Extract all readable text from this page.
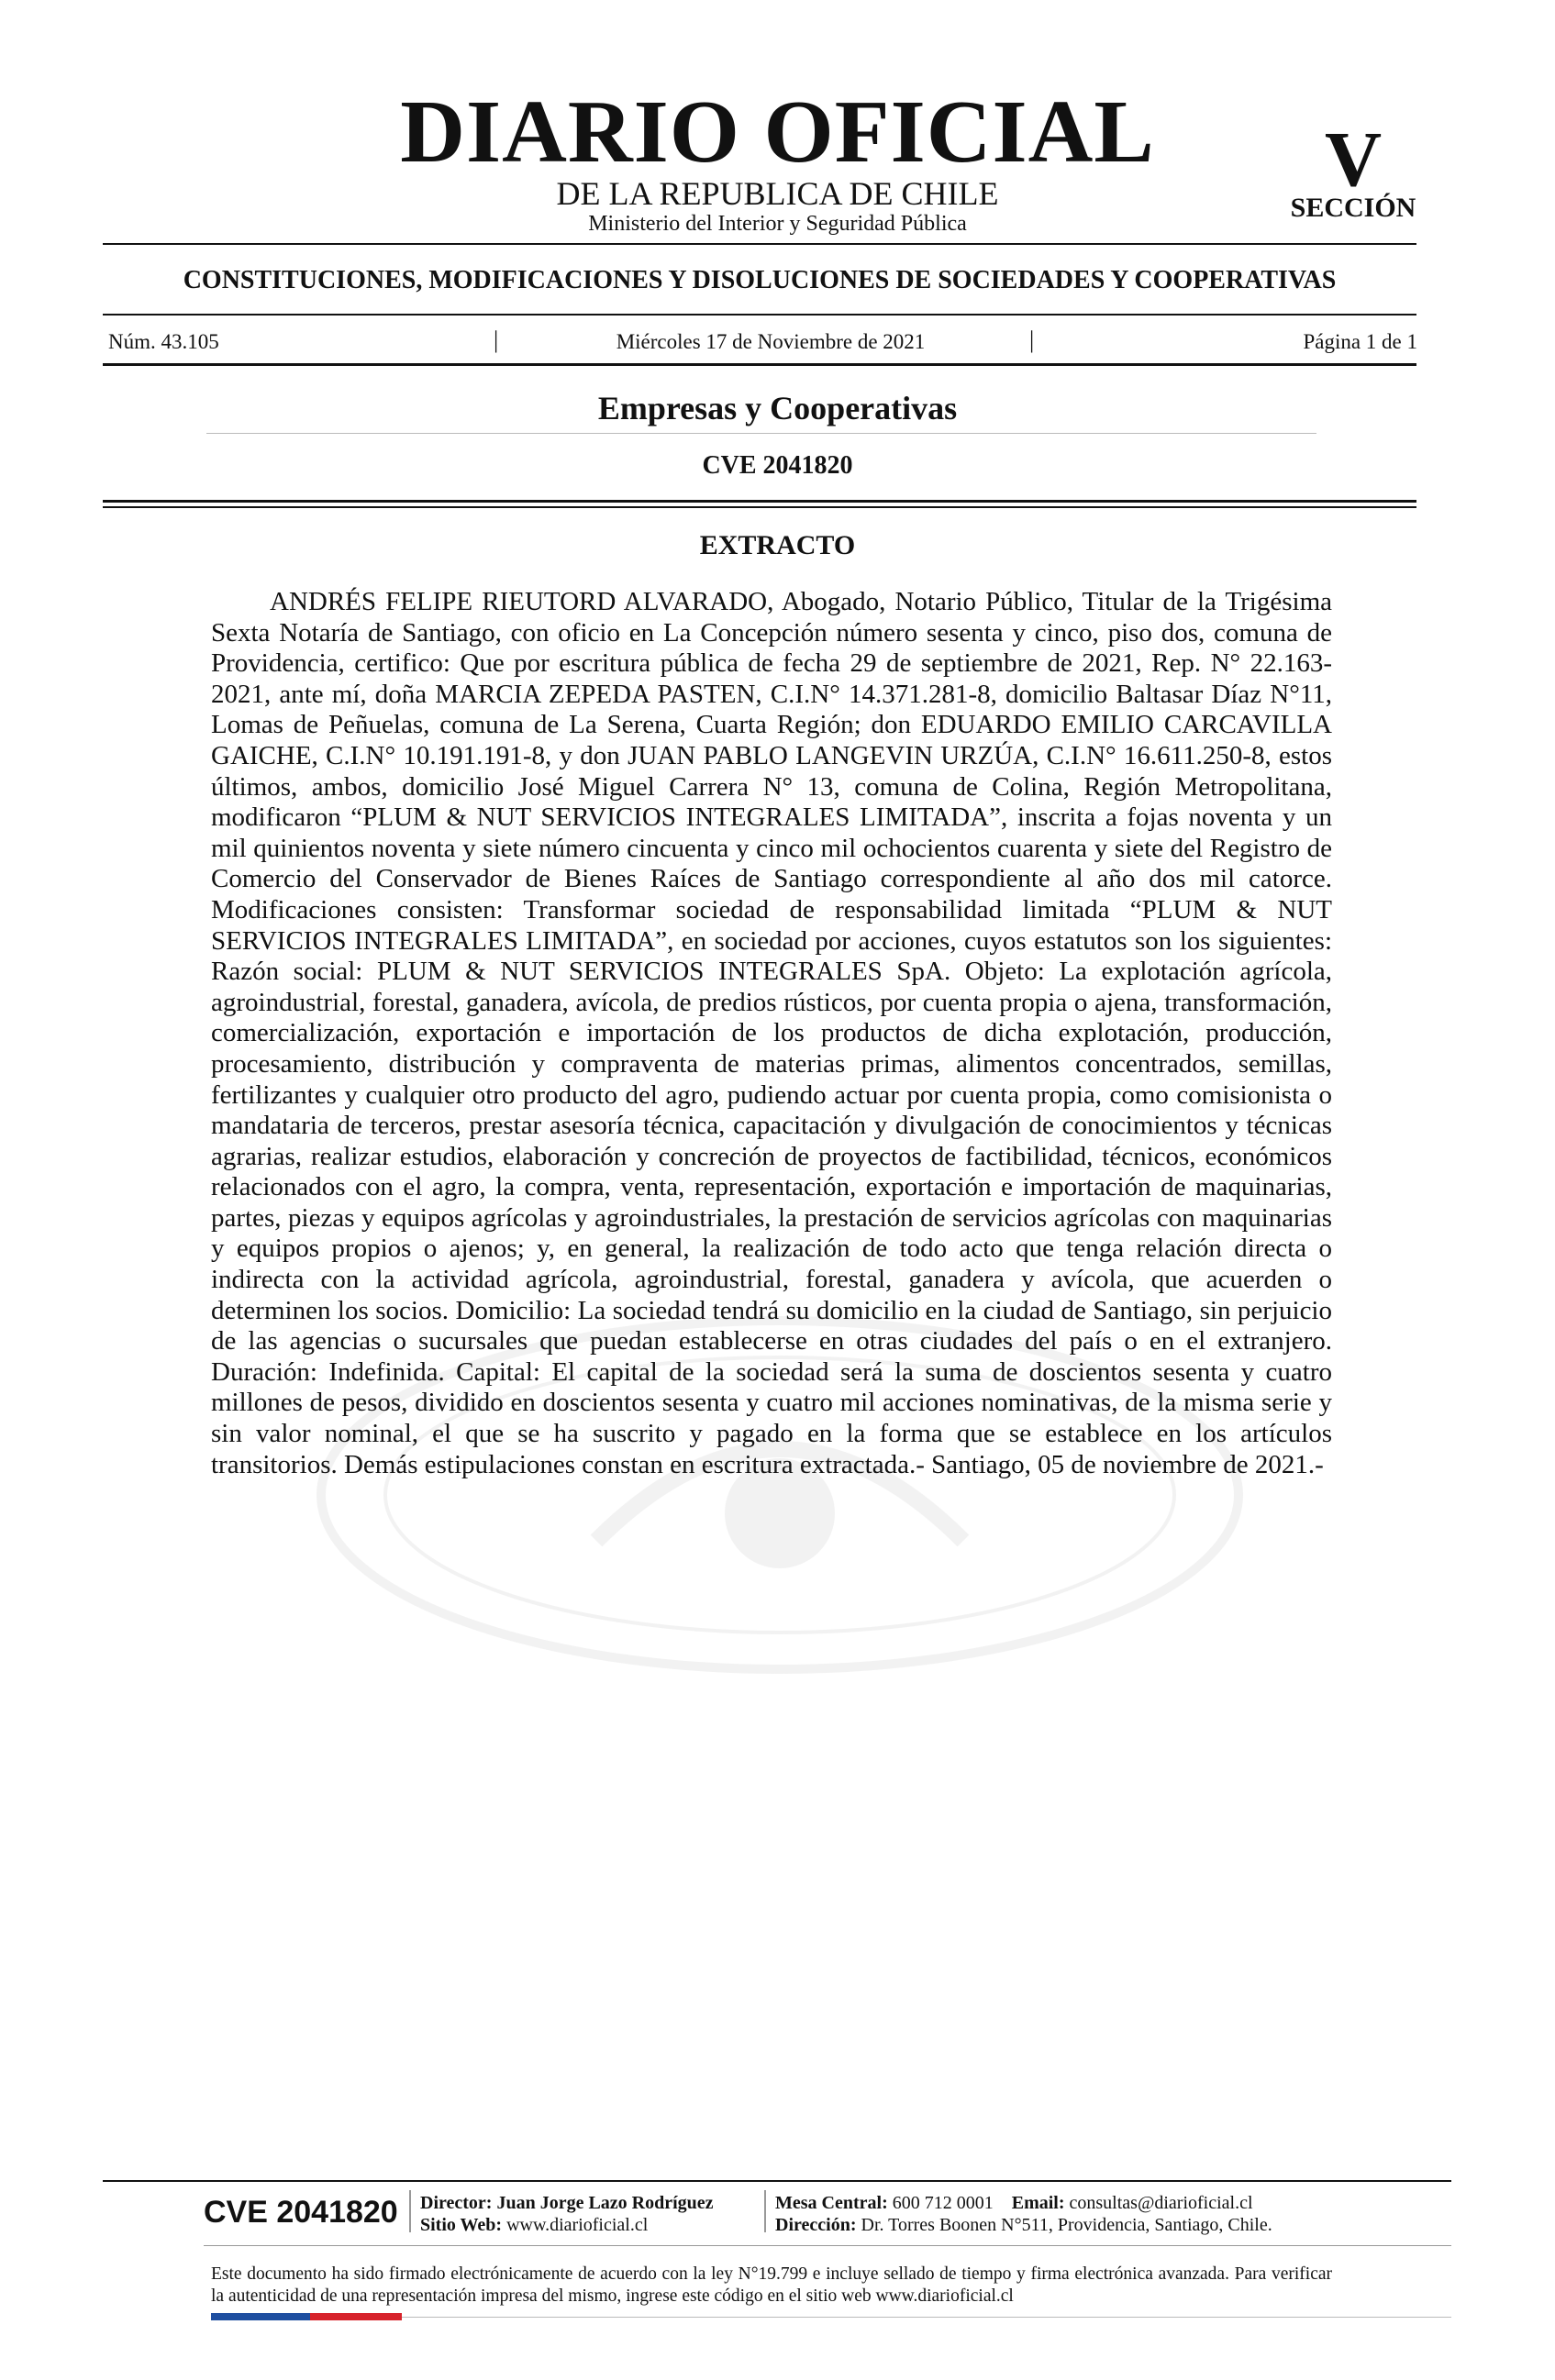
DIARIO OFICIAL
DE LA REPUBLICA DE CHILE
Ministerio del Interior y Seguridad Pública
V
SECCIÓN
CONSTITUCIONES, MODIFICACIONES Y DISOLUCIONES DE SOCIEDADES Y COOPERATIVAS
Núm. 43.105	|	Miércoles 17 de Noviembre de 2021	|	Página 1 de 1
Empresas y Cooperativas
CVE 2041820

ANDRÉS FELIPE RIEUTORD ALVARADO, Abogado, Notario Público, Titular de la Trigésima Sexta Notaría de Santiago, con oficio en La Concepción número sesenta y cinco, piso dos, comuna de Providencia, certifico: Que por escritura pública de fecha 29 de septiembre de 2021, Rep. N° 22.163-2021, ante mí, doña MARCIA ZEPEDA PASTEN, C.I.N° 14.371.281-8, domicilio Baltasar Díaz N°11, Lomas de Peñuelas, comuna de La Serena, Cuarta Región; don EDUARDO EMILIO CARCAVILLA GAICHE, C.I.N° 10.191.191-8, y don JUAN PABLO LANGEVIN URZÚA, C.I.N° 16.611.250-8, estos últimos, ambos, domicilio José Miguel Carrera N° 13, comuna de Colina, Región Metropolitana, modificaron “PLUM & NUT SERVICIOS INTEGRALES LIMITADA”, inscrita a fojas noventa y un mil quinientos noventa y siete número cincuenta y cinco mil ochocientos cuarenta y siete del Registro de Comercio del Conservador de Bienes Raíces de Santiago correspondiente al año dos mil catorce. Modificaciones consisten: Transformar sociedad de responsabilidad limitada “PLUM & NUT SERVICIOS INTEGRALES LIMITADA”, en sociedad por acciones, cuyos estatutos son los siguientes: Razón social: PLUM & NUT SERVICIOS INTEGRALES SpA. Objeto: La explotación agrícola, agroindustrial, forestal, ganadera, avícola, de predios rústicos, por cuenta propia o ajena, transformación, comercialización, exportación e importación de los productos de dicha explotación, producción, procesamiento, distribución y compraventa de materias primas, alimentos concentrados, semillas, fertilizantes y cualquier otro producto del agro, pudiendo actuar por cuenta propia, como comisionista o mandataria de terceros, prestar asesoría técnica, capacitación y divulgación de conocimientos y técnicas agrarias, realizar estudios, elaboración y concreción de proyectos de factibilidad, técnicos, económicos relacionados con el agro, la compra, venta, representación, exportación e importación de maquinarias, partes, piezas y equipos agrícolas y agroindustriales, la prestación de servicios agrícolas con maquinarias y equipos propios o ajenos; y, en general, la realización de todo acto que tenga relación directa o indirecta con la actividad agrícola, agroindustrial, forestal, ganadera y avícola, que acuerden o determinen los socios. Domicilio: La sociedad tendrá su domicilio en la ciudad de Santiago, sin perjuicio de las agencias o sucursales que puedan establecerse en otras ciudades del país o en el extranjero. Duración: Indefinida. Capital: El capital de la sociedad será la suma de doscientos sesenta y cuatro millones de pesos, dividido en doscientos sesenta y cuatro mil acciones nominativas, de la misma serie y sin valor nominal, el que se ha suscrito y pagado en la forma que se establece en los artículos transitorios. Demás estipulaciones constan en escritura extractada.- Santiago, 05 de noviembre de 2021.-

EXTRACTO
CVE 2041820 Director: Juan Jorge Lazo Rodríguez
Sitio Web: www.diarioficial.cl
Mesa Central: 600 712 0001 Email: consultas@diarioficial.cl
Dirección: Dr. Torres Boonen N°511, Providencia, Santiago, Chile.

Este documento ha sido firmado electrónicamente de acuerdo con la ley N°19.799 e incluye sellado de tiempo y firma electrónica avanzada. Para verificar la autenticidad de una representación impresa del mismo, ingrese este código en el sitio web www.diarioficial.cl
